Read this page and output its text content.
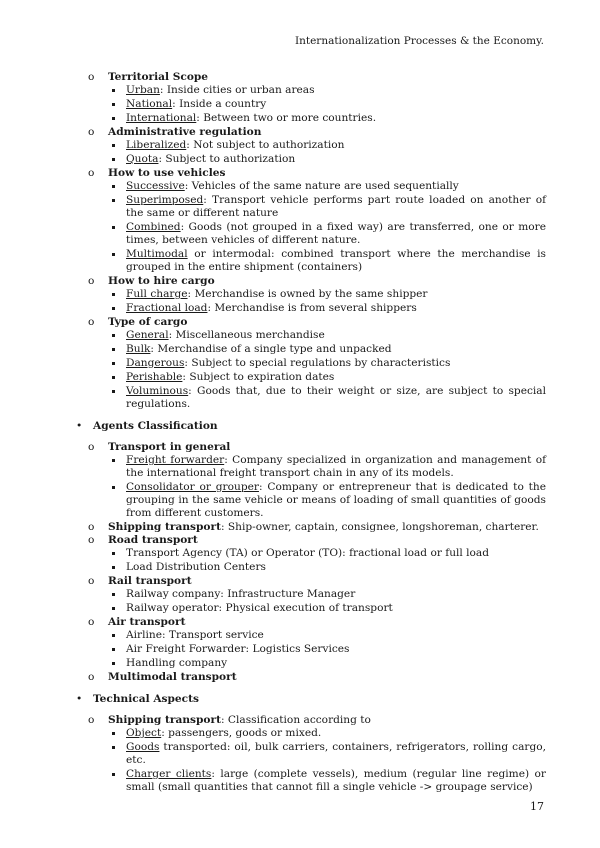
Internationalization Processes & the Economy.
o Territorial Scope
Urban: Inside cities or urban areas
National: Inside a country
International: Between two or more countries.
o Administrative regulation
Liberalized: Not subject to authorization
Quota: Subject to authorization
o How to use vehicles
Successive: Vehicles of the same nature are used sequentially
Superimposed: Transport vehicle performs part route loaded on another of the same or different nature
Combined: Goods (not grouped in a fixed way) are transferred, one or more times, between vehicles of different nature.
Multimodal or intermodal: combined transport where the merchandise is grouped in the entire shipment (containers)
o How to hire cargo
Full charge: Merchandise is owned by the same shipper
Fractional load: Merchandise is from several shippers
o Type of cargo
General: Miscellaneous merchandise
Bulk: Merchandise of a single type and unpacked
Dangerous: Subject to special regulations by characteristics
Perishable: Subject to expiration dates
Voluminous: Goods that, due to their weight or size, are subject to special regulations.
• Agents Classification
o Transport in general
Freight forwarder: Company specialized in organization and management of the international freight transport chain in any of its models.
Consolidator or grouper: Company or entrepreneur that is dedicated to the grouping in the same vehicle or means of loading of small quantities of goods from different customers.
o Shipping transport: Ship-owner, captain, consignee, longshoreman, charterer.
o Road transport
Transport Agency (TA) or Operator (TO): fractional load or full load
Load Distribution Centers
o Rail transport
Railway company: Infrastructure Manager
Railway operator: Physical execution of transport
o Air transport
Airline: Transport service
Air Freight Forwarder: Logistics Services
Handling company
o Multimodal transport
• Technical Aspects
o Shipping transport: Classification according to
Object: passengers, goods or mixed.
Goods transported: oil, bulk carriers, containers, refrigerators, rolling cargo, etc.
Charger clients: large (complete vessels), medium (regular line regime) or small (small quantities that cannot fill a single vehicle -> groupage service)
17
